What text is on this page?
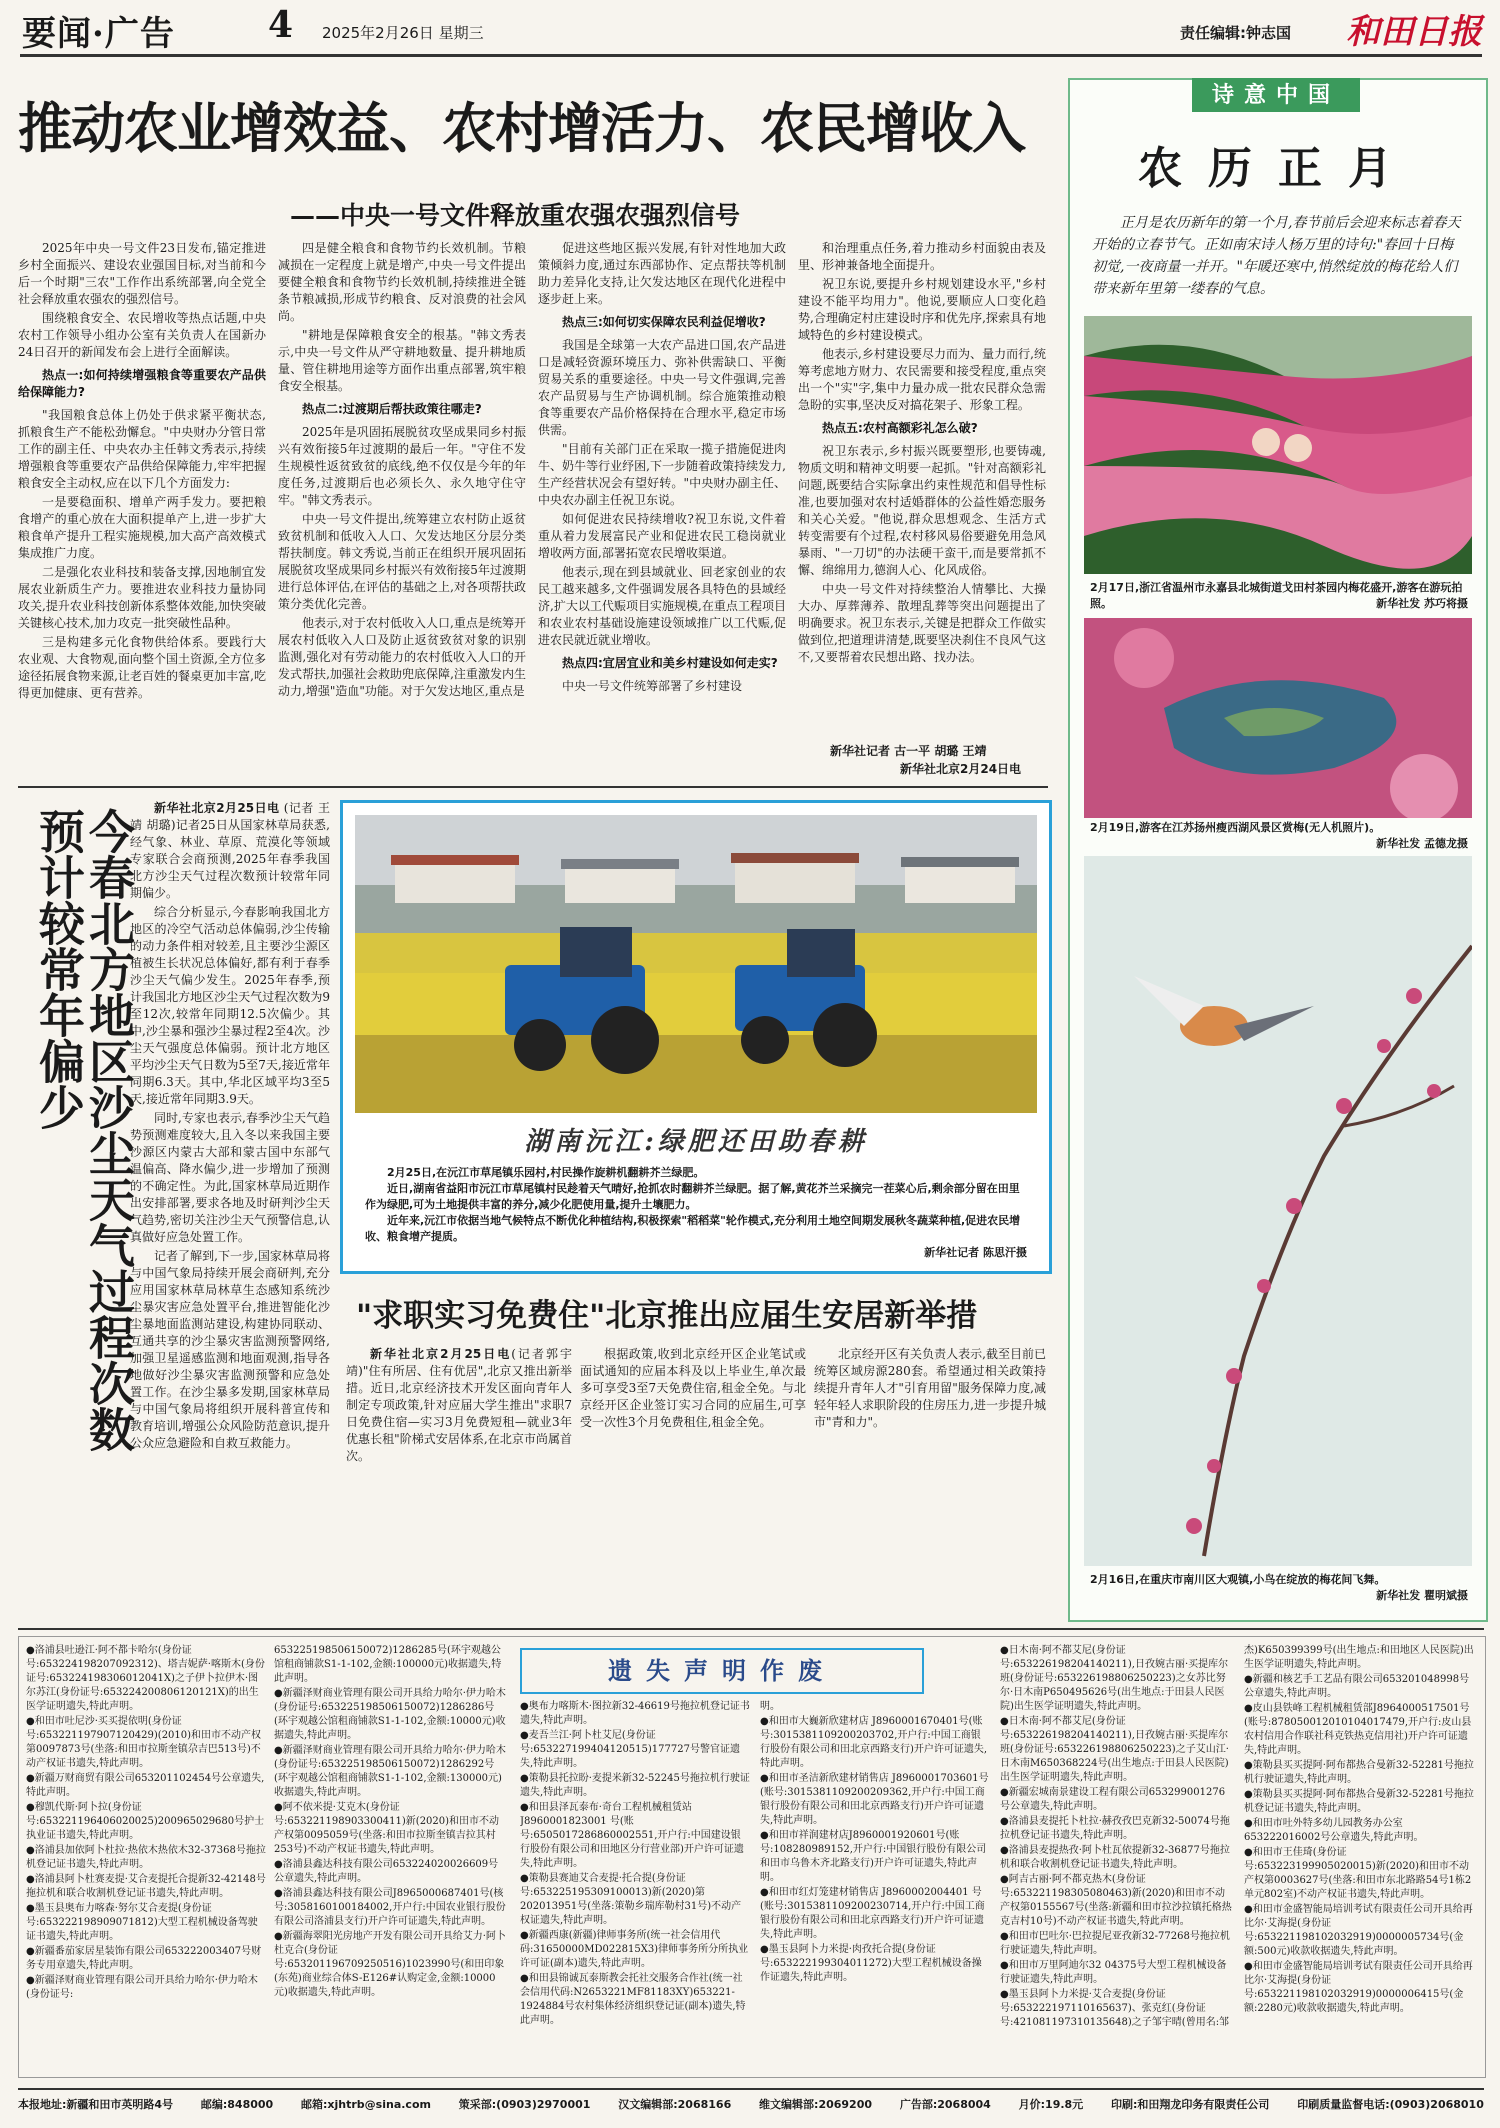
要闻·广告	4 2025年2月26日 星期三	责任编辑:钟志国 和田日报
推动农业增效益、农村增活力、农民增收入
——中央一号文件释放重农强农强烈信号

2025年中央一号文件23日发布,锚定推进乡村全面振兴、建设农业强国目标,对当前和今后一个时期"三农"工作作出系统部署,向全党全社会释放重农强农的强烈信号。

围绕粮食安全、农民增收等热点话题,中央农村工作领导小组办公室有关负责人在国新办24日召开的新闻发布会上进行全面解读。

热点一:如何持续增强粮食等重要农产品供给保障能力?

"我国粮食总体上仍处于供求紧平衡状态,抓粮食生产不能松劲懈怠。"中央财办分管日常工作的副主任、中央农办主任韩文秀表示,持续增强粮食等重要农产品供给保障能力,牢牢把握粮食安全主动权,应在以下几个方面发力:

一是要稳面积、增单产两手发力。要把粮食增产的重心放在大面积提单产上,进一步扩大粮食单产提升工程实施规模,加大高产高效模式集成推广力度。

二是强化农业科技和装备支撑,因地制宜发展农业新质生产力。要推进农业科技力量协同攻关,提升农业科技创新体系整体效能,加快突破关键核心技术,加力攻克一批突破性品种。

三是构建多元化食物供给体系。要践行大农业观、大食物观,面向整个国土资源,全方位多途径拓展食物来源,让老百姓的餐桌更加丰富,吃得更加健康、更有营养。

四是健全粮食和食物节约长效机制。节粮减损在一定程度上就是增产,中央一号文件提出要健全粮食和食物节约长效机制,持续推进全链条节粮减损,形成节约粮食、反对浪费的社会风尚。

"耕地是保障粮食安全的根基。"韩文秀表示,中央一号文件从严守耕地数量、提升耕地质量、管住耕地用途等方面作出重点部署,筑牢粮食安全根基。

热点二:过渡期后帮扶政策往哪走?

2025年是巩固拓展脱贫攻坚成果同乡村振兴有效衔接5年过渡期的最后一年。"守住不发生规模性返贫致贫的底线,绝不仅仅是今年的年度任务,过渡期后也必须长久、永久地守住守牢。"韩文秀表示。

中央一号文件提出,统筹建立农村防止返贫致贫机制和低收入人口、欠发达地区分层分类帮扶制度。韩文秀说,当前正在组织开展巩固拓展脱贫攻坚成果同乡村振兴有效衔接5年过渡期进行总体评估,在评估的基础之上,对各项帮扶政策分类优化完善。

他表示,对于农村低收入人口,重点是统筹开展农村低收入人口及防止返贫致贫对象的识别监测,强化对有劳动能力的农村低收入人口的开发式帮扶,加强社会救助兜底保障,注重激发内生动力,增强"造血"功能。对于欠发达地区,重点是

促进这些地区振兴发展,有针对性地加大政策倾斜力度,通过东西部协作、定点帮扶等机制助力差异化支持,让欠发达地区在现代化进程中逐步赶上来。

热点三:如何切实保障农民利益促增收?

我国是全球第一大农产品进口国,农产品进口是减轻资源环境压力、弥补供需缺口、平衡贸易关系的重要途径。中央一号文件强调,完善农产品贸易与生产协调机制。综合施策推动粮食等重要农产品价格保持在合理水平,稳定市场供需。

"目前有关部门正在采取一揽子措施促进肉牛、奶牛等行业纾困,下一步随着政策持续发力,生产经营状况会有望好转。"中央财办副主任、中央农办副主任祝卫东说。

如何促进农民持续增收?祝卫东说,文件着重从着力发展富民产业和促进农民工稳岗就业增收两方面,部署拓宽农民增收渠道。

他表示,现在到县域就业、回老家创业的农民工越来越多,文件强调发展各具特色的县域经济,扩大以工代赈项目实施规模,在重点工程项目和农业农村基础设施建设领域推广以工代赈,促进农民就近就业增收。

热点四:宜居宜业和美乡村建设如何走实?

中央一号文件统筹部署了乡村建设

和治理重点任务,着力推动乡村面貌由表及里、形神兼备地全面提升。

祝卫东说,要提升乡村规划建设水平,"乡村建设不能平均用力"。他说,要顺应人口变化趋势,合理确定村庄建设时序和优先序,探索具有地域特色的乡村建设模式。

他表示,乡村建设要尽力而为、量力而行,统筹考虑地方财力、农民需要和接受程度,重点突出一个"实"字,集中力量办成一批农民群众急需急盼的实事,坚决反对搞花架子、形象工程。

热点五:农村高额彩礼怎么破?

祝卫东表示,乡村振兴既要塑形,也要铸魂,物质文明和精神文明要一起抓。"针对高额彩礼问题,既要结合实际拿出约束性规范和倡导性标准,也要加强对农村适婚群体的公益性婚恋服务和关心关爱。"他说,群众思想观念、生活方式转变需要有个过程,农村移风易俗要避免用急风暴雨、"一刀切"的办法硬干蛮干,而是要常抓不懈、绵绵用力,德润人心、化风成俗。

中央一号文件对持续整治人情攀比、大操大办、厚葬薄养、散埋乱葬等突出问题提出了明确要求。祝卫东表示,关键是把群众工作做实做到位,把道理讲清楚,既要坚决刹住不良风气这不,又要帮着农民想出路、找办法。

新华社记者 古一平 胡璐 王靖
新华社北京2月24日电
今春北方地区沙尘天气过程次数预计较常年偏少	新华社北京2月25日电 (记者 王靖 胡璐)记者25日从国家林草局获悉,经气象、林业、草原、荒漠化等领域专家联合会商预测,2025年春季我国北方沙尘天气过程次数预计较常年同期偏少。

综合分析显示,今春影响我国北方地区的冷空气活动总体偏弱,沙尘传输的动力条件相对较差,且主要沙尘源区植被生长状况总体偏好,都有利于春季沙尘天气偏少发生。2025年春季,预计我国北方地区沙尘天气过程次数为9至12次,较常年同期12.5次偏少。其中,沙尘暴和强沙尘暴过程2至4次。沙尘天气强度总体偏弱。预计北方地区平均沙尘天气日数为5至7天,接近常年同期6.3天。其中,华北区域平均3至5天,接近常年同期3.9天。

同时,专家也表示,春季沙尘天气趋势预测难度较大,且入冬以来我国主要沙源区内蒙古大部和蒙古国中东部气温偏高、降水偏少,进一步增加了预测的不确定性。为此,国家林草局近期作出安排部署,要求各地及时研判沙尘天气趋势,密切关注沙尘天气预警信息,认真做好应急处置工作。

记者了解到,下一步,国家林草局将与中国气象局持续开展会商研判,充分应用国家林草局林草生态感知系统沙尘暴灾害应急处置平台,推进智能化沙尘暴地面监测站建设,构建协同联动、互通共享的沙尘暴灾害监测预警网络,加强卫星遥感监测和地面观测,指导各地做好沙尘暴灾害监测预警和应急处置工作。在沙尘暴多发期,国家林草局与中国气象局将组织开展科普宣传和教育培训,增强公众风险防范意识,提升公众应急避险和自救互救能力。

湖南沅江:绿肥还田助春耕
2月25日,在沅江市草尾镇乐园村,村民操作旋耕机翻耕芥兰绿肥。
近日,湖南省益阳市沅江市草尾镇村民趁着天气晴好,抢抓农时翻耕芥兰绿肥。据了解,黄花芥兰采摘完一茬菜心后,剩余部分留在田里作为绿肥,可为土地提供丰富的养分,减少化肥使用量,提升土壤肥力。
近年来,沅江市依据当地气候特点不断优化种植结构,积极探索"稻稻菜"轮作模式,充分利用土地空间期发展秋冬蔬菜种植,促进农民增收、粮食增产提质。
新华社记者 陈思汗摄
"求职实习免费住"北京推出应届生安居新举措

新华社北京2月25日电(记者郭宇靖)"住有所居、住有优居",北京又推出新举措。近日,北京经济技术开发区面向青年人制定专项政策,针对应届大学生推出"求职7日免费住宿—实习3月免费短租—就业3年优惠长租"阶梯式安居体系,在北京市尚属首次。

根据政策,收到北京经开区企业笔试或面试通知的应届本科及以上毕业生,单次最多可享受3至7天免费住宿,租金全免。与北京经开区企业签订实习合同的应届生,可享受一次性3个月免费租住,租金全免。

北京经开区有关负责人表示,截至目前已统筹区域房源280套。希望通过相关政策持续提升青年人才"引育用留"服务保障力度,减轻年轻人求职阶段的住房压力,进一步提升城市"青和力"。

诗意中国
农历正月
正月是农历新年的第一个月,春节前后会迎来标志着春天开始的立春节气。正如南宋诗人杨万里的诗句:"春回十日梅初觉,一夜商量一并开。"年暖还寒中,悄然绽放的梅花给人们带来新年里第一缕春的气息。
2月17日,浙江省温州市永嘉县北城街道戈田村茶园内梅花盛开,游客在游玩拍照。	新华社发 苏巧将摄
2月19日,游客在江苏扬州瘦西湖风景区赏梅(无人机照片)。
新华社发 孟德龙摄
2月16日,在重庆市南川区大观镇,小鸟在绽放的梅花间飞舞。
新华社发 瞿明斌摄
遗失声明作废
●洛浦县吐逊江·阿不都卡哈尔(身份证号:653224198207092312)、塔吉妮萨·喀斯木(身份证号:653224198306012041X)之子伊卜拉伊木·图尔苏江(身份证号:653224200806120121X)的出生医学证明遗失,特此声明。
●和田市吐尼沙·买买提依明(身份证号:653221197907120429)(2010)和田市不动产权第0097873号(坐落:和田市拉斯奎镇尕吉巴513号)不动产权证书遗失,特此声明。
●新疆万财商贸有限公司653201102454号公章遗失,特此声明。
●穆凯代斯·阿卜拉(身份证号:653221196406020025)200965029680号护士执业证书遗失,特此声明。
●洛浦县加依阿卜杜拉·热依木热依木32-37368号拖拉机登记证书遗失,特此声明。
●洛浦县阿卜杜赛麦提·艾合麦提托合提新32-42148号拖拉机和联合收割机登记证书遗失,特此声明。
●墨玉县奥布力喀森·努尔艾合麦提(身份证号:653222198909071812)大型工程机械设备驾驶证书遗失,特此声明。
●新疆番茄家居星装饰有限公司653222003407号财务专用章遗失,特此声明。
●新疆泽财商业管理有限公司开具给力哈尔·伊力哈木(身份证号:
653225198506150072)1286285号(环宇观越公馆租商铺款S1-1-102,金额:100000元)收据遗失,特此声明。
●新疆泽财商业管理有限公司开具给力哈尔·伊力哈木(身份证号:653225198506150072)1286286号(环宇观越公馆租商铺款S1-1-102,金额:10000元)收据遗失,特此声明。
●新疆泽财商业管理有限公司开具给力哈尔·伊力哈木(身份证号:653225198506150072)1286292号(环宇观越公馆租商铺款S1-1-102,金额:130000元)收据遗失,特此声明。
●阿不依米提·艾克木(身份证号:653221198903300411)新(2020)和田市不动产权第0095059号(坐落:和田市拉斯奎镇吉拉其村253号)不动产权证书遗失,特此声明。
●洛浦县鑫达科技有限公司653224020026609号公章遗失,特此声明。
●洛浦县鑫达科技有限公司J8965000687401号(核号:3058160100184002,开户行:中国农业银行股份有限公司洛浦县支行)开户许可证遗失,特此声明。
●新疆海翠阳光房地产开发有限公司开具给艾力·阿卜杜克合(身份证号:653201196709250516)1023990号(和田印象(东苑)商业综合体S-E126#认购定金,金额:10000元)收据遗失,特此声明。
●奥布力喀斯木·图拉新32-46619号拖拉机登记证书遗失,特此声明。
●麦吾兰江·阿卜杜艾尼(身份证号:653227199404120515)177727号警官证遗失,特此声明。
●策勒县托拉盼·麦提米新32-52245号拖拉机行驶证遗失,特此声明。
●和田县泽瓦泰布·奇台工程机械租赁站 J8960001823001 号(账号:6505017286860002551,开户行:中国建设银行股份有限公司和田地区分行营业部)开户许可证遗失,特此声明。
●策勒县赛迪艾合麦提·托合提(身份证号:653225195309100013)新(2020)第202013951号(坐落:策勒乡瑞库勒村31号)不动产权证遗失,特此声明。
●新疆西康(新疆)律师事务所(统一社会信用代码:31650000MD022815X3)律师事务所分所执业许可证(副本)遗失,特此声明。
●和田县锦诚瓦泰斯教会托社交服务合作社(统一社会信用代码:N2653221MF81183XY)653221-1924884号农村集体经济组织登记证(副本)遗失,特此声明。
明。
●和田市大巍新欣建材店 J8960001670401号(账号:3015381109200203702,开户行:中国工商银行股份有限公司和田北京西路支行)开户许可证遗失,特此声明。
●和田市圣洁新欣建材销售店 J8960001703601号(账号:3015381109200209362,开户行:中国工商银行股份有限公司和田北京西路支行)开户许可证遗失,特此声明。
●和田市祥润建材店J8960001920601号(账号:108280989152,开户行:中国银行股份有限公司和田市乌鲁木齐北路支行)开户许可证遗失,特此声明。
●和田市红灯笼建材销售店 J8960002004401 号(账号:3015381109200230714,开户行:中国工商银行股份有限公司和田北京西路支行)开户许可证遗失,特此声明。
●墨玉县阿卜力米提·肉孜托合提(身份证号:653222199304011272)大型工程机械设备操作证遗失,特此声明。
●日木南·阿不都艾尼(身份证号:653226198204140211),日孜婉古丽·买提库尔班(身份证号:653226198806250223)之女苏比努尔·日木南P650495626号(出生地点:于田县人民医院)出生医学证明遗失,特此声明。
●日木南·阿不都艾尼(身份证号:653226198204140211),日孜婉古丽·买提库尔班(身份证号:653226198806250223)之子艾山江·日木南M650368224号(出生地点:于田县人民医院)出生医学证明遗失,特此声明。
●新疆宏城南景建设工程有限公司653299001276号公章遗失,特此声明。
●洛浦县麦提托卜杜拉·赫孜孜巴克新32-50074号拖拉机登记证书遗失,特此声明。
●洛浦县麦提热孜·阿卜杜瓦依提新32-36877号拖拉机和联合收割机登记证书遗失,特此声明。
●阿吉古丽·阿不都克热木(身份证号:653221198305080463)新(2020)和田市不动产权第0155567号(坐落:新疆和田市拉沙拉镇托格热克吉村10号)不动产权证书遗失,特此声明。
●和田市巴吐尔·巴拉提尼亚孜新32-77268号拖拉机行驶证遗失,特此声明。
●和田市万里阿迪尔32 04375号大型工程机械设备行驶证遗失,特此声明。
●墨玉县阿卜力米提·艾合麦提(身份证号:653222197110165637)、张克红(身份证号:421081197310135648)之子邹宇晴(曾用名:邹
杰)K650399399号(出生地点:和田地区人民医院)出生医学证明遗失,特此声明。
●新疆和核艺手工艺品有限公司653201048998号公章遗失,特此声明。
●皮山县铁峰工程机械租赁部J8964000517501号(账号:878050012010104017479,开户行:皮山县农村信用合作联社科克铁热克信用社)开户许可证遗失,特此声明。
●策勒县买买提阿·阿布都热合曼新32-52281号拖拉机行驶证遗失,特此声明。
●策勒县买买提阿·阿布都热合曼新32-52281号拖拉机登记证书遗失,特此声明。
●和田市吐外特多幼儿园教务办公室653222016002号公章遗失,特此声明。
●和田市王佳琦(身份证号:653223199905020015)新(2020)和田市不动产权第0003627号(坐落:和田市东北路路54号1栋2单元802室)不动产权证书遗失,特此声明。
●和田市金盛智能局培训考试有限责任公司开具给再比尔·艾海提(身份证号:653221198102032919)0000005734号(金额:500元)收款收据遗失,特此声明。
●和田市金盛智能局培训考试有限责任公司开具给再比尔·艾海提(身份证号:653221198102032919)0000006415号(金额:2280元)收款收据遗失,特此声明。
本报地址:新疆和田市英明路4号	邮编:848000	邮箱:xjhtrb@sina.com	策采部:(0903)2970001	汉文编辑部:2068166	维文编辑部:2069200	广告部:2068004	月价:19.8元	印刷:和田翔龙印务有限责任公司	印刷质量监督电话:(0903)2068010
